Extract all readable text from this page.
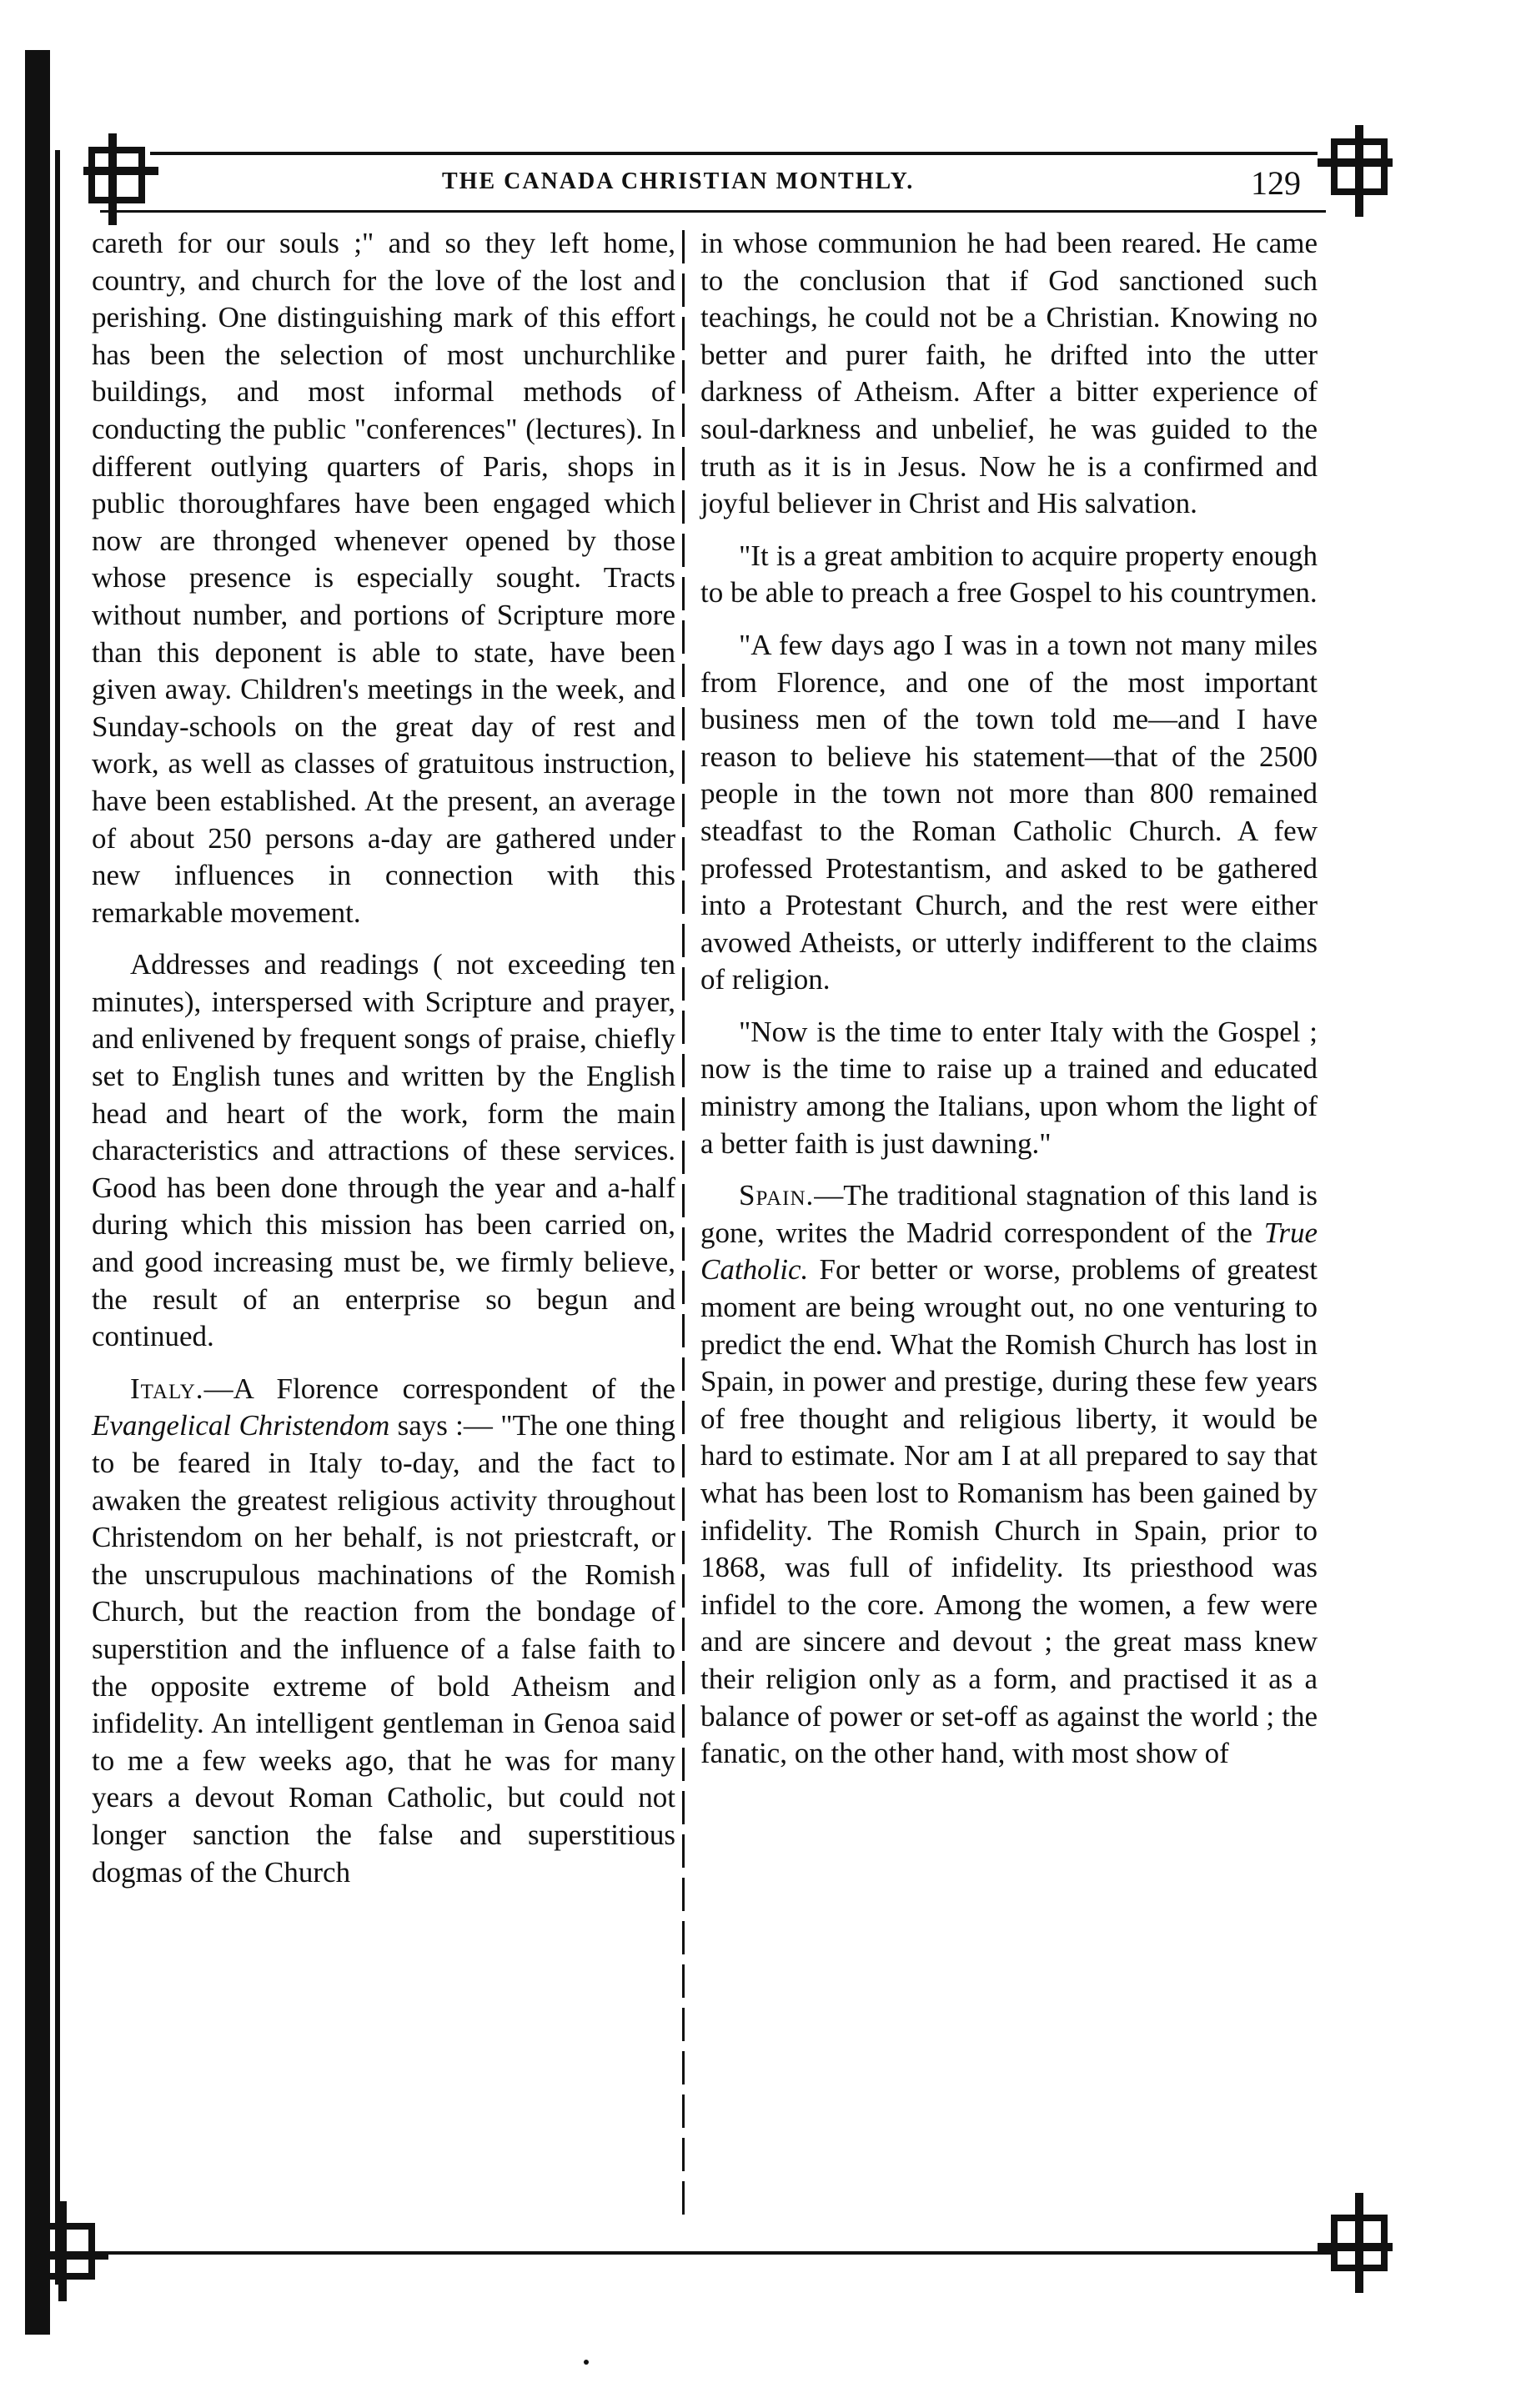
THE CANADA CHRISTIAN MONTHLY.	129

careth for our souls ;" and so they left home, country, and church for the love of the lost and perishing. One distinguishing mark of this effort has been the selection of most unchurchlike buildings, and most informal methods of conducting the public "conferences" (lectures). In different outlying quarters of Paris, shops in public thoroughfares have been engaged which now are thronged whenever opened by those whose presence is especially sought. Tracts without number, and portions of Scripture more than this deponent is able to state, have been given away. Children's meetings in the week, and Sunday-schools on the great day of rest and work, as well as classes of gratuitous instruction, have been established. At the present, an average of about 250 persons a-day are gathered under new influences in connection with this remarkable movement.

Addresses and readings ( not exceeding ten minutes), interspersed with Scripture and prayer, and enlivened by frequent songs of praise, chiefly set to English tunes and written by the English head and heart of the work, form the main characteristics and attractions of these services. Good has been done through the year and a-half during which this mission has been carried on, and good increasing must be, we firmly believe, the result of an enterprise so begun and continued.

Italy.—A Florence correspondent of the Evangelical Christendom says :— "The one thing to be feared in Italy to-day, and the fact to awaken the greatest religious activity throughout Christendom on her behalf, is not priestcraft, or the unscrupulous machinations of the Romish Church, but the reaction from the bondage of superstition and the influence of a false faith to the opposite extreme of bold Atheism and infidelity. An intelligent gentleman in Genoa said to me a few weeks ago, that he was for many years a devout Roman Catholic, but could not longer sanction the false and superstitious dogmas of the Church

in whose communion he had been reared. He came to the conclusion that if God sanctioned such teachings, he could not be a Christian. Knowing no better and purer faith, he drifted into the utter darkness of Atheism. After a bitter experience of soul-darkness and unbelief, he was guided to the truth as it is in Jesus. Now he is a confirmed and joyful believer in Christ and His salvation.

"It is a great ambition to acquire property enough to be able to preach a free Gospel to his countrymen.

"A few days ago I was in a town not many miles from Florence, and one of the most important business men of the town told me—and I have reason to believe his statement—that of the 2500 people in the town not more than 800 remained steadfast to the Roman Catholic Church. A few professed Protestantism, and asked to be gathered into a Protestant Church, and the rest were either avowed Atheists, or utterly indifferent to the claims of religion.

"Now is the time to enter Italy with the Gospel ; now is the time to raise up a trained and educated ministry among the Italians, upon whom the light of a better faith is just dawning."

Spain.—The traditional stagnation of this land is gone, writes the Madrid correspondent of the True Catholic. For better or worse, problems of greatest moment are being wrought out, no one venturing to predict the end. What the Romish Church has lost in Spain, in power and prestige, during these few years of free thought and religious liberty, it would be hard to estimate. Nor am I at all prepared to say that what has been lost to Romanism has been gained by infidelity. The Romish Church in Spain, prior to 1868, was full of infidelity. Its priesthood was infidel to the core. Among the women, a few were and are sincere and devout ; the great mass knew their religion only as a form, and practised it as a balance of power or set-off as against the world ; the fanatic, on the other hand, with most show of
